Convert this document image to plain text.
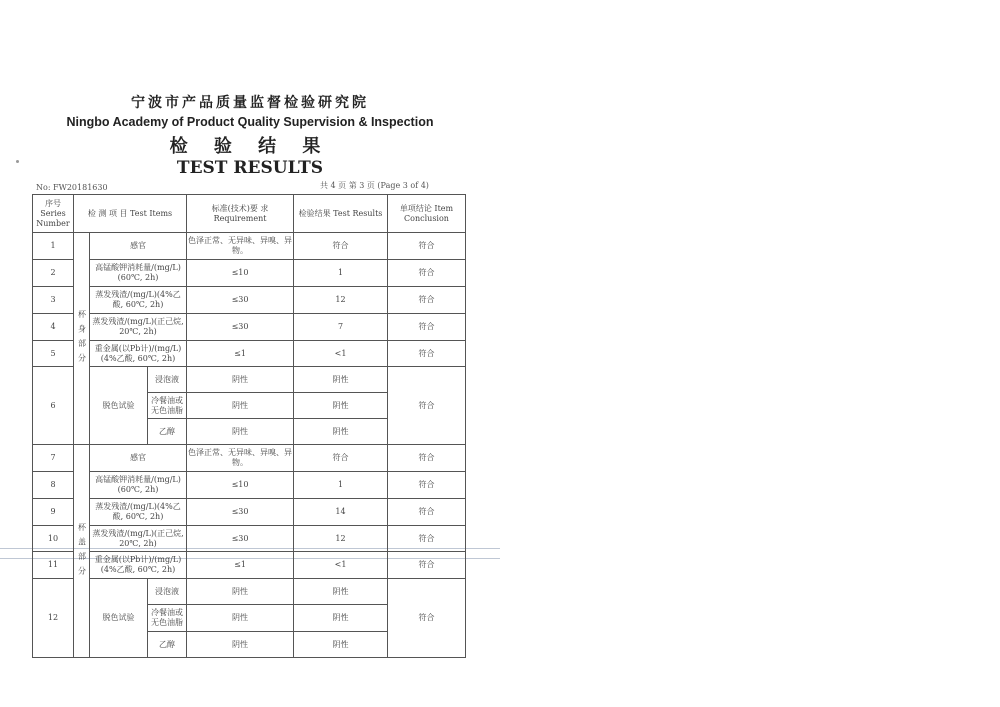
宁波市产品质量监督检验研究院
Ningbo Academy of Product Quality Supervision & Inspection
检 验 结 果
TEST RESULTS
No: FW20181630	共 4 页 第 3 页 (Page 3 of 4)
序号 Series Number	检 测 项 目 Test Items			标准(技术)要 求 Requirement	检验结果 Test Results	单项结论 Item Conclusion
1	杯 身 部 分	感官		色泽正常、无异味、异嗅、异物。	符合	符合
2		高锰酸钾消耗量/(mg/L)(60℃, 2h)		≤10	1	符合
3		蒸发残渣/(mg/L)(4%乙酸, 60℃, 2h)		≤30	12	符合
4		蒸发残渣/(mg/L)(正己烷, 20℃, 2h)		≤30	7	符合
5		重金属(以Pb计)/(mg/L)(4%乙酸, 60℃, 2h)		≤1	<1	符合
6		脱色试验	浸泡液	阴性	阴性	符合
			冷餐油或无色油脂	阴性	阴性	
			乙醇	阴性	阴性	
7	杯 盖 部 分	感官		色泽正常、无异味、异嗅、异物。	符合	符合
8		高锰酸钾消耗量/(mg/L)(60℃, 2h)		≤10	1	符合
9		蒸发残渣/(mg/L)(4%乙酸, 60℃, 2h)		≤30	14	符合
10		蒸发残渣/(mg/L)(正己烷, 20℃, 2h)		≤30	12	符合
11		重金属(以Pb计)/(mg/L)(4%乙酸, 60℃, 2h)		≤1	<1	符合
12		脱色试验	浸泡液	阴性	阴性	符合
			冷餐油或无色油脂	阴性	阴性	
			乙醇	阴性	阴性	
